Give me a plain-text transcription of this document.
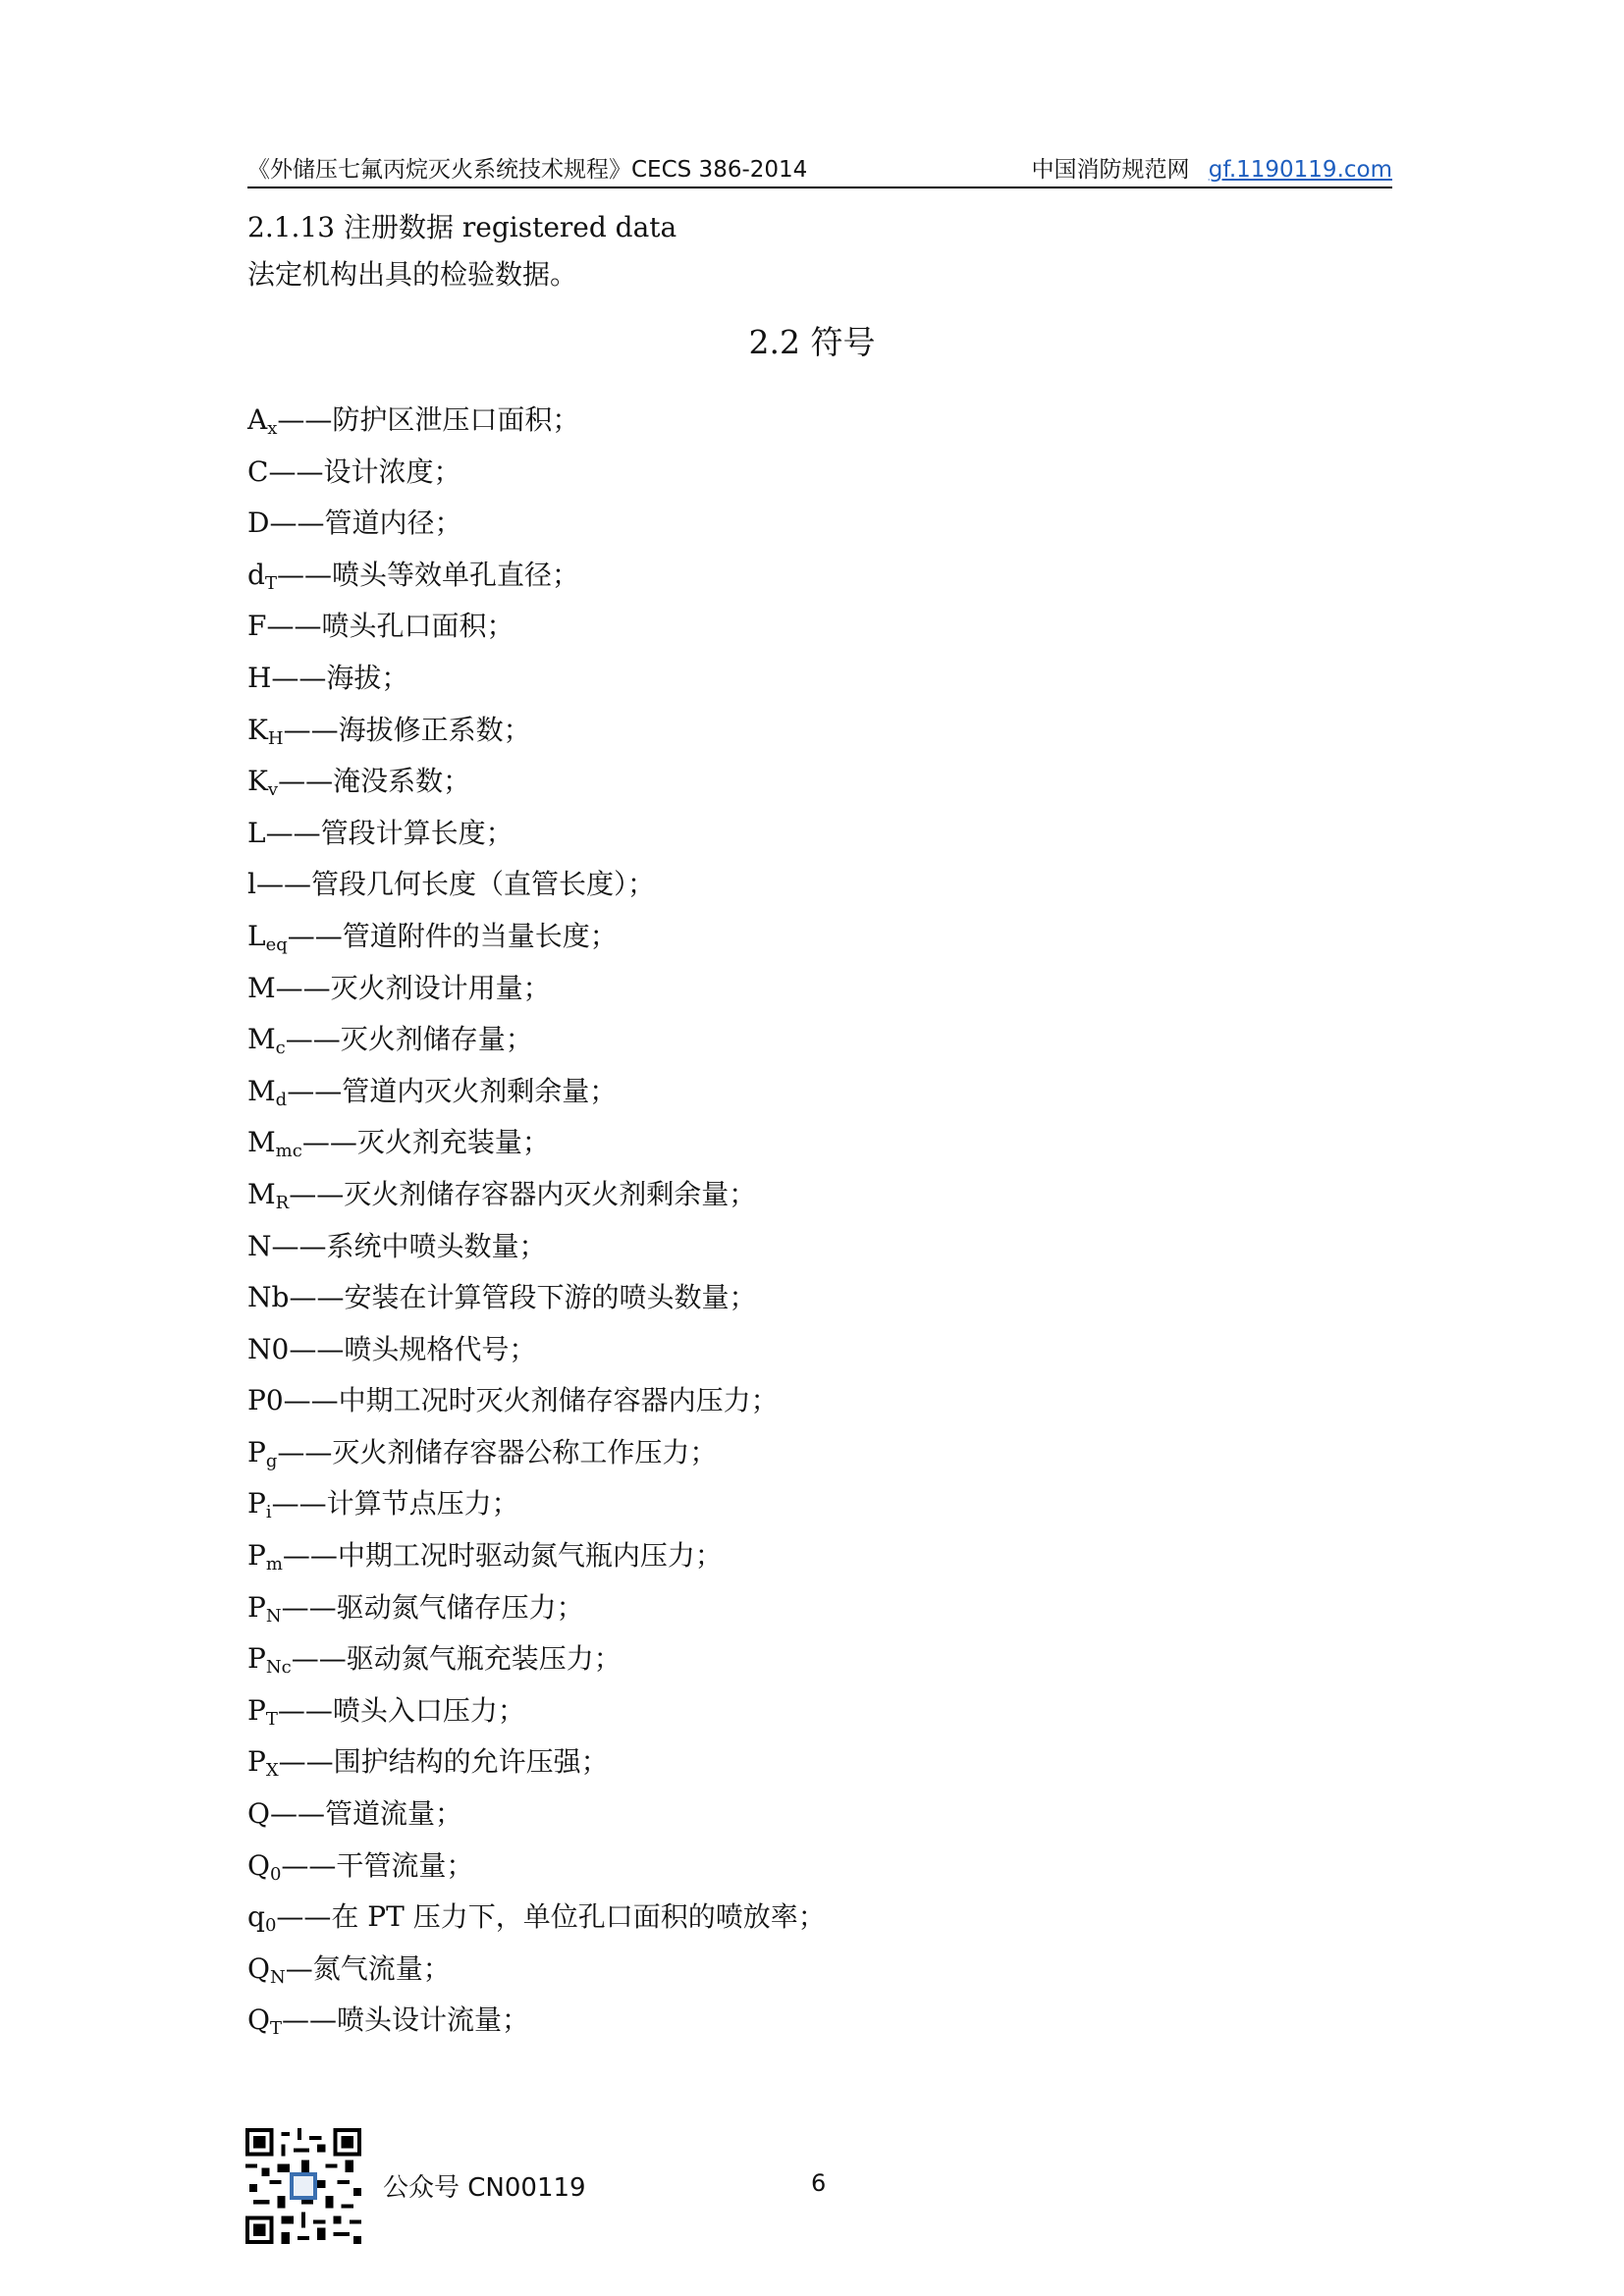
《外储压七氟丙烷灭火系统技术规程》CECS 386-2014	中国消防规范网 gf.1190119.com
2.1.13 注册数据 registered data
法定机构出具的检验数据。
2.2 符号
$A_x——$防护区泄压口面积；
C——设计浓度；
D——管道内径；
$d_T——$喷头等效单孔直径；
F——喷头孔口面积；
H——海拔；
$K_H——$海拔修正系数；
$K_v——$淹没系数；
L——管段计算长度；
l——管段几何长度（直管长度）；
$L_{eq}——$管道附件的当量长度；
M——灭火剂设计用量；
$M_c——$灭火剂储存量；
$M_d——$管道内灭火剂剩余量；
$M_{mc}——$灭火剂充装量；
$M_R——$灭火剂储存容器内灭火剂剩余量；
N——系统中喷头数量；
Nb——安装在计算管段下游的喷头数量；
N0——喷头规格代号；
P0——中期工况时灭火剂储存容器内压力；
$P_g——$灭火剂储存容器公称工作压力；
$P_i——$计算节点压力；
$P_m——$中期工况时驱动氮气瓶内压力；
$P_N——$驱动氮气储存压力；
$P_{Nc}——$驱动氮气瓶充装压力；
$P_T——$喷头入口压力；
$P_X——$围护结构的允许压强；
Q——管道流量；
$Q_0——$干管流量；
$q_0——$在 PT 压力下，单位孔口面积的喷放率；
$Q_N—$氮气流量；
$Q_T——$喷头设计流量；
公众号 CN00119	6
